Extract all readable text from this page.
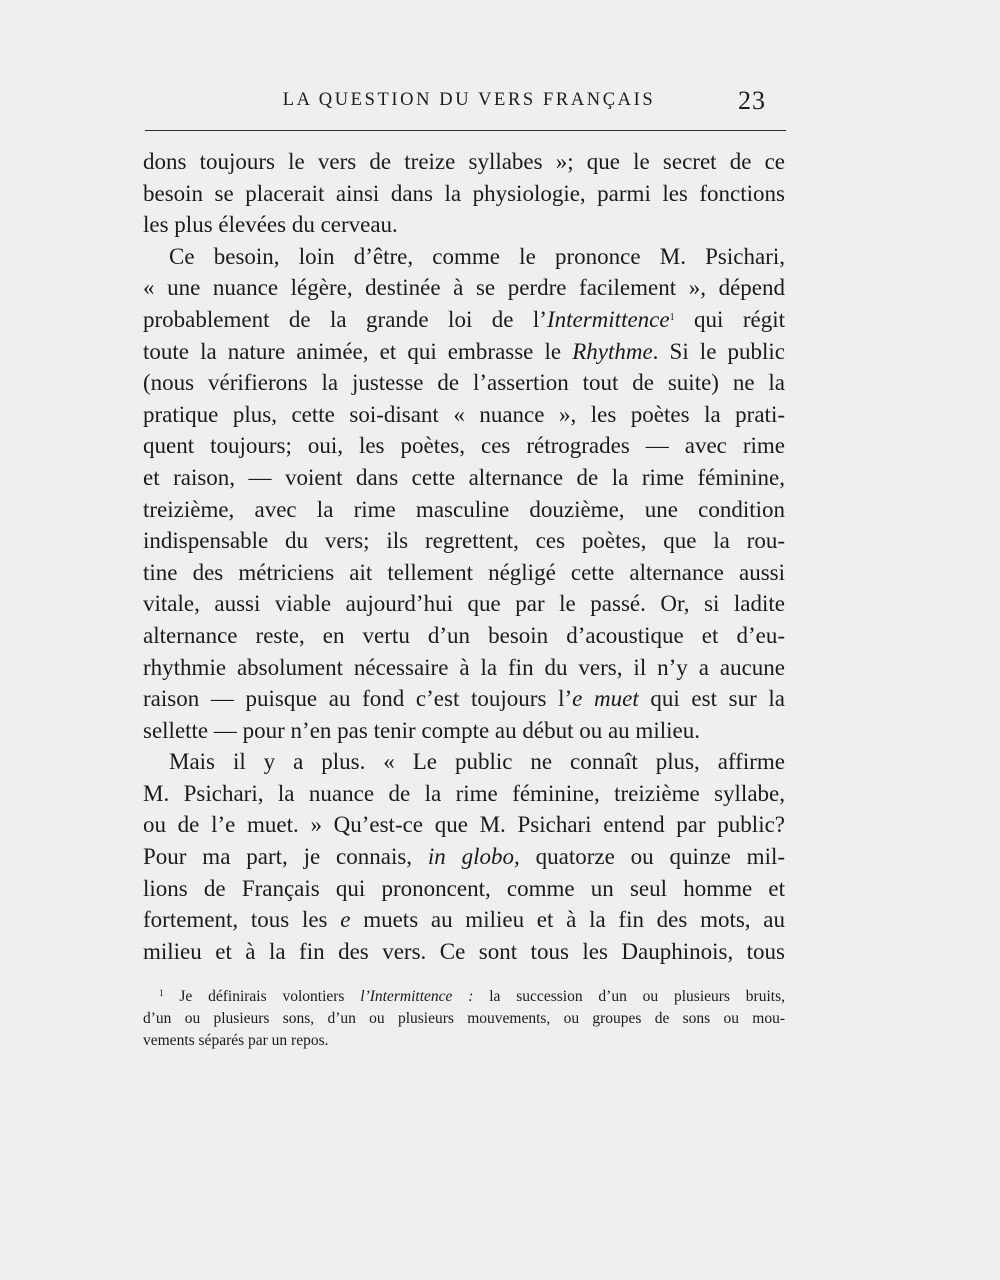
LA QUESTION DU VERS FRANÇAIS	23
dons toujours le vers de treize syllabes »; que le secret de ce
besoin se placerait ainsi dans la physiologie, parmi les fonctions
les plus élevées du cerveau.
Ce besoin, loin d’être, comme le prononce M. Psichari,
« une nuance légère, destinée à se perdre facilement », dépend
probablement de la grande loi de l’Intermittence$^1$ qui régit
toute la nature animée, et qui embrasse le Rhythme. Si le public
(nous vérifierons la justesse de l’assertion tout de suite) ne la
pratique plus, cette soi-disant « nuance », les poètes la prati-
quent toujours; oui, les poètes, ces rétrogrades — avec rime
et raison, — voient dans cette alternance de la rime féminine,
treizième, avec la rime masculine douzième, une condition
indispensable du vers; ils regrettent, ces poètes, que la rou-
tine des métriciens ait tellement négligé cette alternance aussi
vitale, aussi viable aujourd’hui que par le passé. Or, si ladite
alternance reste, en vertu d’un besoin d’acoustique et d’eu-
rhythmie absolument nécessaire à la fin du vers, il n’y a aucune
raison — puisque au fond c’est toujours l’e muet qui est sur la
sellette — pour n’en pas tenir compte au début ou au milieu.
Mais il y a plus. « Le public ne connaît plus, affirme
M. Psichari, la nuance de la rime féminine, treizième syllabe,
ou de l’e muet. » Qu’est-ce que M. Psichari entend par public?
Pour ma part, je connais, in globo, quatorze ou quinze mil-
lions de Français qui prononcent, comme un seul homme et
fortement, tous les e muets au milieu et à la fin des mots, au
milieu et à la fin des vers. Ce sont tous les Dauphinois, tous
$^1$ Je définirais volontiers l’Intermittence : la succession d’un ou plusieurs bruits,
d’un ou plusieurs sons, d’un ou plusieurs mouvements, ou groupes de sons ou mou-
vements séparés par un repos.
